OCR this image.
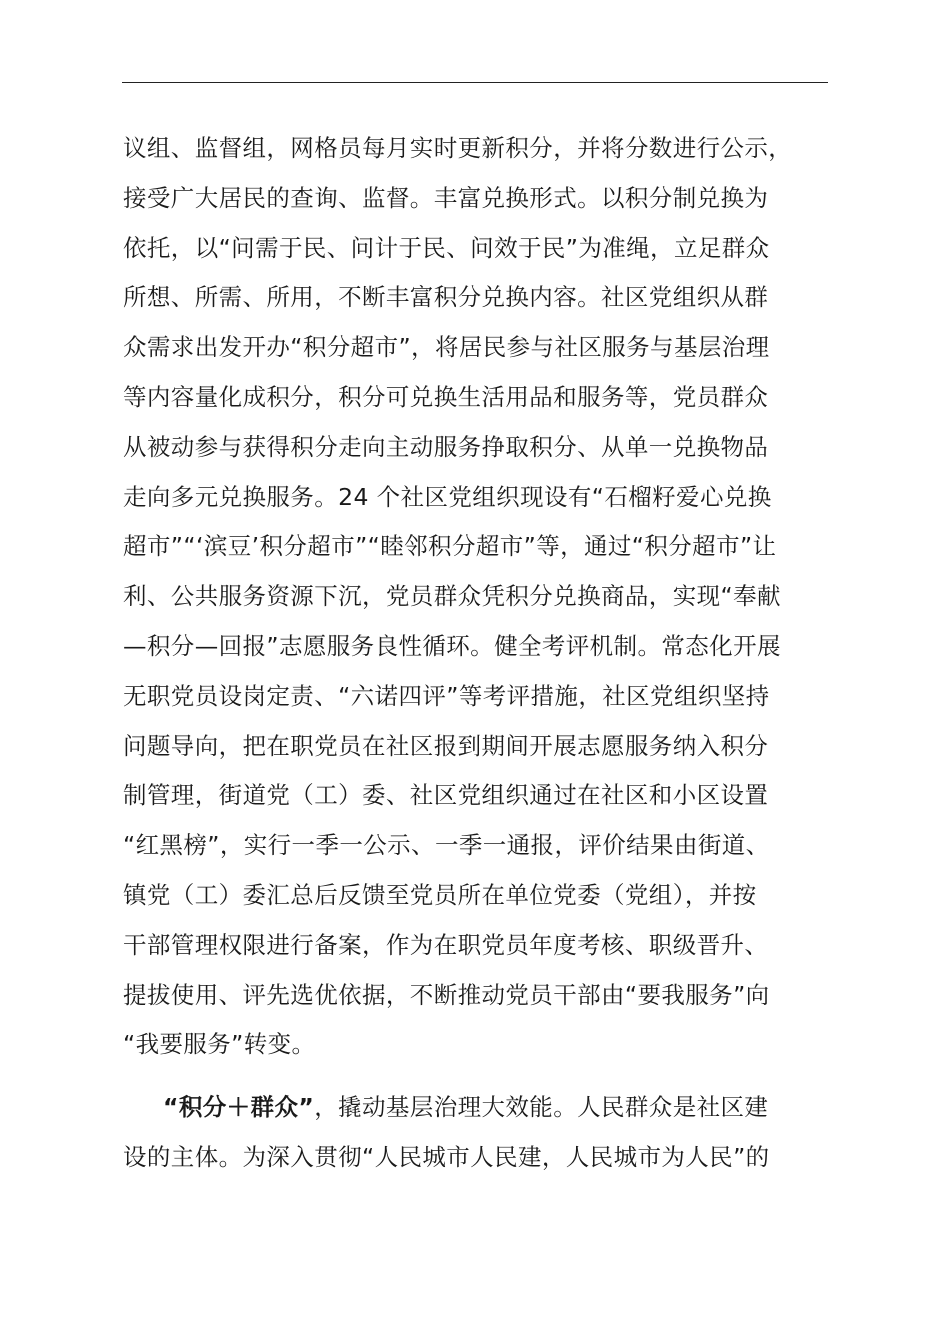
议组、监督组，网格员每月实时更新积分，并将分数进行公示，
接受广大居民的查询、监督。丰富兑换形式。以积分制兑换为
依托，以“问需于民、问计于民、问效于民”为准绳，立足群众
所想、所需、所用，不断丰富积分兑换内容。社区党组织从群
众需求出发开办“积分超市”，将居民参与社区服务与基层治理
等内容量化成积分，积分可兑换生活用品和服务等，党员群众
从被动参与获得积分走向主动服务挣取积分、从单一兑换物品
走向多元兑换服务。24 个社区党组织现设有“石榴籽爱心兑换
超市”“‘滨豆’积分超市”“睦邻积分超市”等，通过“积分超市”让
利、公共服务资源下沉，党员群众凭积分兑换商品，实现“奉献
—积分—回报”志愿服务良性循环。健全考评机制。常态化开展
无职党员设岗定责、“六诺四评”等考评措施，社区党组织坚持
问题导向，把在职党员在社区报到期间开展志愿服务纳入积分
制管理，街道党（工）委、社区党组织通过在社区和小区设置
“红黑榜”，实行一季一公示、一季一通报，评价结果由街道、
镇党（工）委汇总后反馈至党员所在单位党委（党组），并按
干部管理权限进行备案，作为在职党员年度考核、职级晋升、
提拔使用、评先选优依据，不断推动党员干部由“要我服务”向
“我要服务”转变。
“积分＋群众”，撬动基层治理大效能。人民群众是社区建
设的主体。为深入贯彻“人民城市人民建，人民城市为人民”的
